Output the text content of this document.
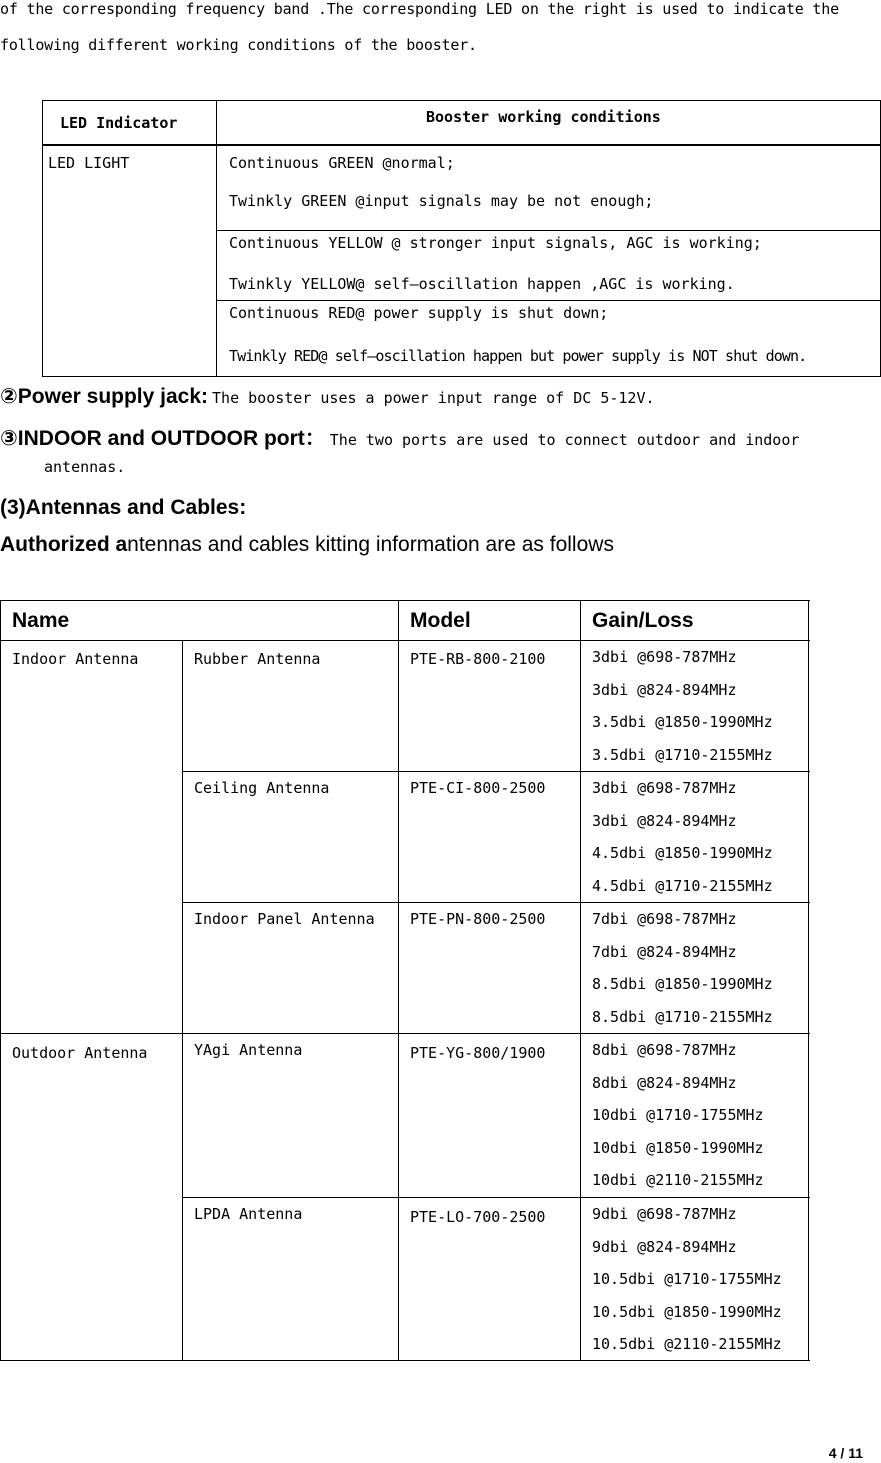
of the corresponding frequency band .The corresponding LED on the right is used to indicate the
following different working conditions of the booster.
LED Indicator	Booster working conditions
LED LIGHT	Continuous GREEN @normal;
Twinkly GREEN @input signals may be not enough;
Continuous YELLOW @ stronger input signals, AGC is working;
Twinkly YELLOW@ self–oscillation happen ,AGC is working.
Continuous RED@ power supply is shut down;
Twinkly RED@ self–oscillation happen but power supply is NOT shut down.
②Power supply jack: The booster uses a power input range of DC 5-12V.
③INDOOR and OUTDOOR port： The two ports are used to connect outdoor and indoor
antennas.
(3)Antennas and Cables:
Authorized antennas and cables kitting information are as follows
Name	Model	Gain/Loss
Indoor Antenna	Rubber Antenna	PTE-RB-800-2100	3dbi @698-787MHz
3dbi @824-894MHz
3.5dbi @1850-1990MHz
3.5dbi @1710-2155MHz
Ceiling Antenna	PTE-CI-800-2500	3dbi @698-787MHz
3dbi @824-894MHz
4.5dbi @1850-1990MHz
4.5dbi @1710-2155MHz
Indoor Panel Antenna PTE-PN-800-2500	7dbi @698-787MHz
7dbi @824-894MHz
8.5dbi @1850-1990MHz
8.5dbi @1710-2155MHz
Outdoor Antenna	YAgi Antenna	PTE-YG-800/1900	8dbi @698-787MHz
8dbi @824-894MHz
10dbi @1710-1755MHz
10dbi @1850-1990MHz
10dbi @2110-2155MHz
LPDA Antenna	PTE-LO-700-2500	9dbi @698-787MHz
9dbi @824-894MHz
10.5dbi @1710-1755MHz
10.5dbi @1850-1990MHz
10.5dbi @2110-2155MHz
4 / 11
